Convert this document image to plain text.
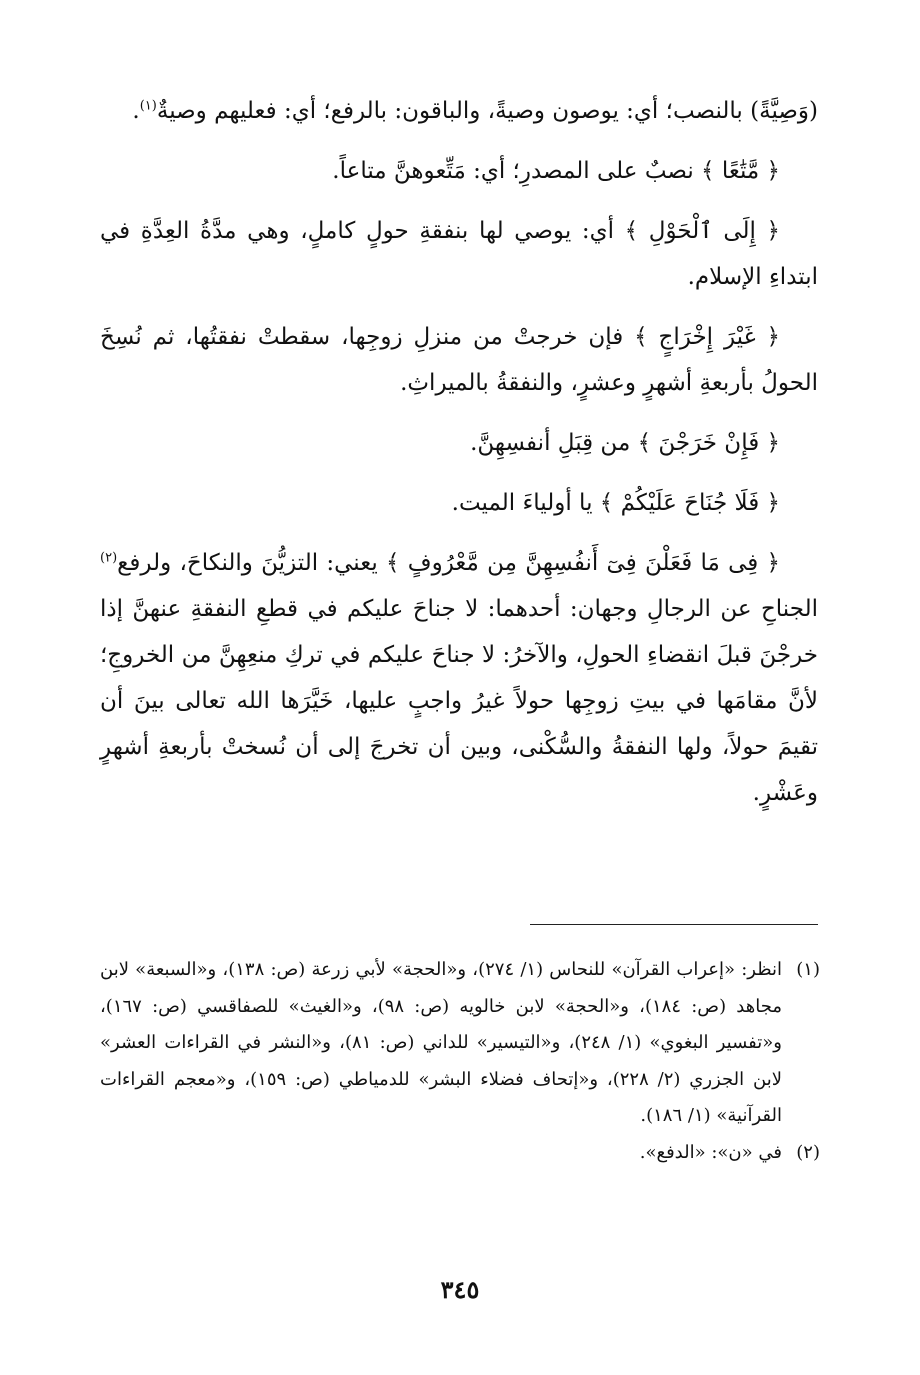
(وَصِيَّةً) بالنصب؛ أي: يوصون وصيةً، والباقون: بالرفع؛ أي: فعليهم وصيةٌ$^{(١)}$.

﴿ مَّتَٰعًا ﴾ نصبٌ على المصدرِ؛ أي: مَتِّعوهنَّ متاعاً.

﴿ إِلَى ٱلْحَوْلِ ﴾ أي: يوصي لها بنفقةِ حولٍ كاملٍ، وهي مدَّةُ العِدَّةِ في ابتداءِ الإسلام.

﴿ غَيْرَ إِخْرَاجٍ ﴾ فإن خرجتْ من منزلِ زوجِها، سقطتْ نفقتُها، ثم نُسِخَ الحولُ بأربعةِ أشهرٍ وعشرٍ، والنفقةُ بالميراثِ.

﴿ فَإِنْ خَرَجْنَ ﴾ من قِبَلِ أنفسِهِنَّ.

﴿ فَلَا جُنَاحَ عَلَيْكُمْ ﴾ يا أولياءَ الميت.

﴿ فِى مَا فَعَلْنَ فِىٓ أَنفُسِهِنَّ مِن مَّعْرُوفٍ ﴾ يعني: التزيُّنَ والنكاحَ، ولرفع$^{(٢)}$ الجناحِ عن الرجالِ وجهان: أحدهما: لا جناحَ عليكم في قطعِ النفقةِ عنهنَّ إذا خرجْنَ قبلَ انقضاءِ الحولِ، والآخرُ: لا جناحَ عليكم في تركِ منعِهِنَّ من الخروجِ؛ لأنَّ مقامَها في بيتِ زوجِها حولاً غيرُ واجبٍ عليها، خَيَّرَها الله تعالى بينَ أن تقيمَ حولاً، ولها النفقةُ والسُّكْنى، وبين أن تخرجَ إلى أن نُسختْ بأربعةِ أشهرٍ وعَشْرٍ.

(١)
انظر: «إعراب القرآن» للنحاس (١/ ٢٧٤)، و«الحجة» لأبي زرعة (ص: ١٣٨)، و«السبعة» لابن مجاهد (ص: ١٨٤)، و«الحجة» لابن خالويه (ص: ٩٨)، و«الغيث» للصفاقسي (ص: ١٦٧)، و«تفسير البغوي» (١/ ٢٤٨)، و«التيسير» للداني (ص: ٨١)، و«النشر في القراءات العشر» لابن الجزري (٢/ ٢٢٨)، و«إتحاف فضلاء البشر» للدمياطي (ص: ١٥٩)، و«معجم القراءات القرآنية» (١/ ١٨٦).
(٢)
في «ن»: «الدفع».
٣٤٥
